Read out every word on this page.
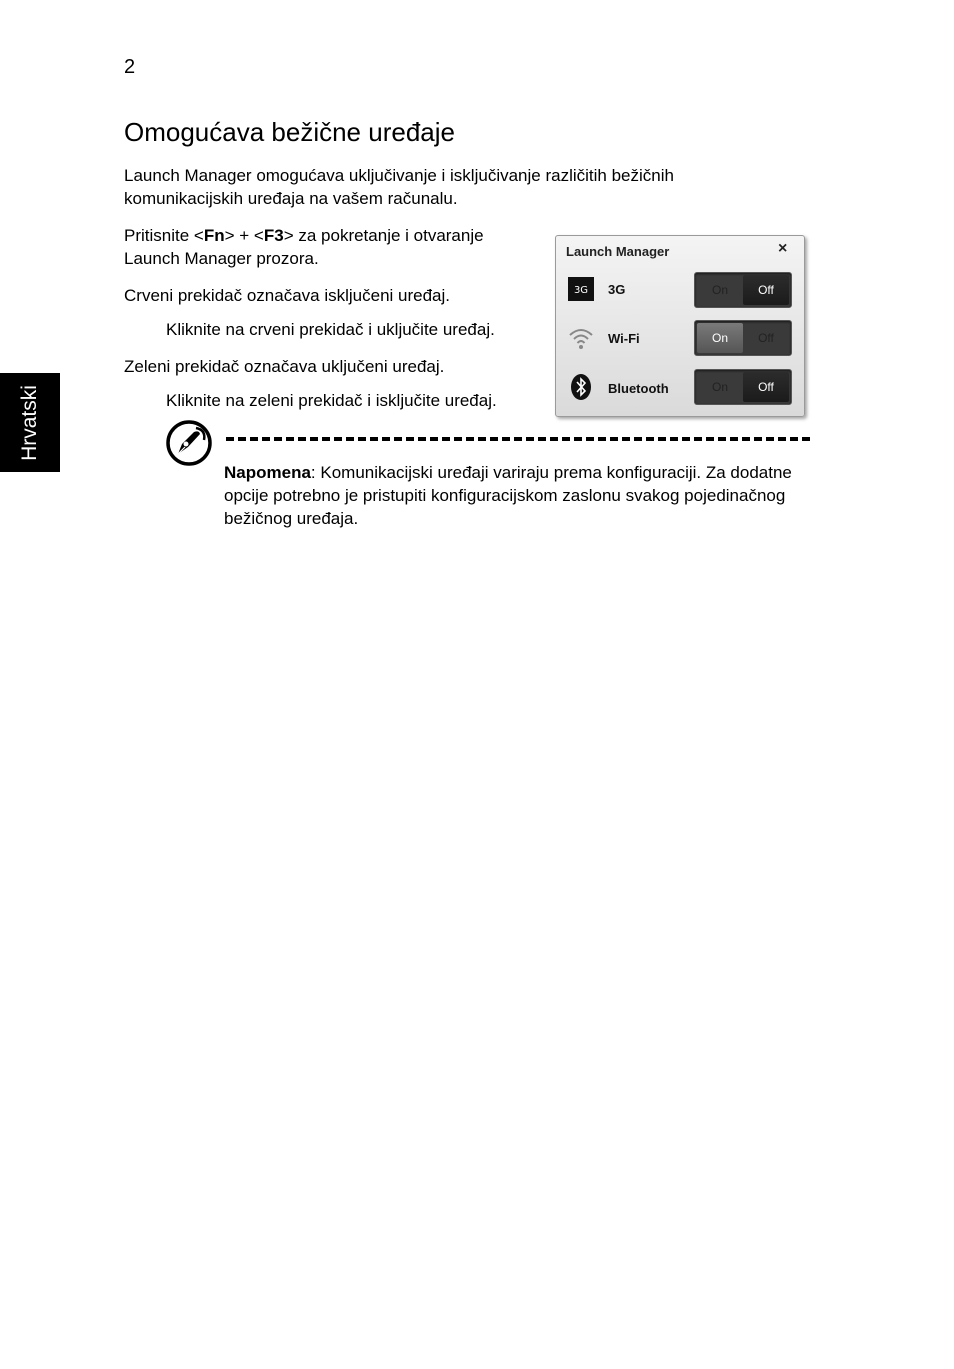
2
Hrvatski
Omogućava bežične uređaje

Launch Manager omogućava uključivanje i isključivanje različitih bežičnih komunikacijskih uređaja na vašem računalu.

Pritisnite <Fn> + <F3> za pokretanje i otvaranje Launch Manager prozora.

Crveni prekidač označava isključeni uređaj.

Kliknite na crveni prekidač i uključite uređaj.

Zeleni prekidač označava uključeni uređaj.

Kliknite na zeleni prekidač i isključite uređaj.

Launch Manager	×
3G 3G	On	Off
Wi-Fi	On	Off
Bluetooth	On	Off

Napomena: Komunikacijski uređaji variraju prema konfiguraciji. Za dodatne opcije potrebno je pristupiti konfiguracijskom zaslonu svakog pojedinačnog bežičnog uređaja.
